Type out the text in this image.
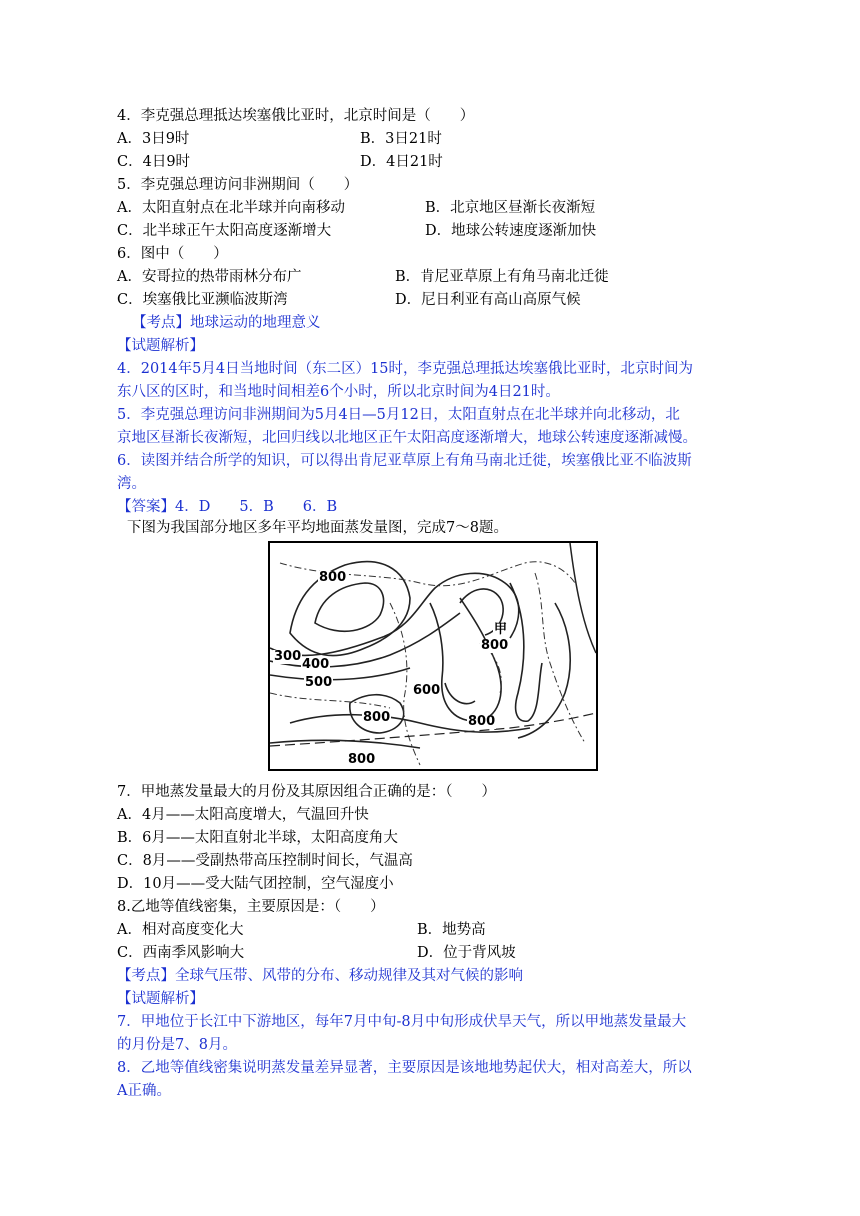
4．李克强总理抵达埃塞俄比亚时，北京时间是（　　）
A．3日9时	B．3日21时
C．4日9时	D．4日21时
5．李克强总理访问非洲期间（　　）
A．太阳直射点在北半球并向南移动	B．北京地区昼渐长夜渐短
C．北半球正午太阳高度逐渐增大	D．地球公转速度逐渐加快
6．图中（　　）
A．安哥拉的热带雨林分布广	B．肯尼亚草原上有角马南北迁徙
C．埃塞俄比亚濒临波斯湾	D．尼日利亚有高山高原气候
【考点】地球运动的地理意义
【试题解析】
4．2014年5月4日当地时间（东二区）15时，李克强总理抵达埃塞俄比亚时，北京时间为
东八区的区时，和当地时间相差6个小时，所以北京时间为4日21时。
5．李克强总理访问非洲期间为5月4日—5月12日，太阳直射点在北半球并向北移动，北
京地区昼渐长夜渐短，北回归线以北地区正午太阳高度逐渐增大，地球公转速度逐渐减慢。
6．读图并结合所学的知识，可以得出肯尼亚草原上有角马南北迁徙，埃塞俄比亚不临波斯
湾。
【答案】4．D　　5．B　　6．B
下图为我国部分地区多年平均地面蒸发量图，完成7～8题。
800
300
400
500
甲
800
600
800	800
800
7．甲地蒸发量最大的月份及其原因组合正确的是：（　　）
A．4月——太阳高度增大，气温回升快
B．6月——太阳直射北半球，太阳高度角大
C．8月——受副热带高压控制时间长，气温高
D．10月——受大陆气团控制，空气湿度小
8.乙地等值线密集，主要原因是：（　　）
A．相对高度变化大	B．地势高
C．西南季风影响大	D．位于背风坡
【考点】全球气压带、风带的分布、移动规律及其对气候的影响
【试题解析】
7．甲地位于长江中下游地区，每年7月中旬-8月中旬形成伏旱天气，所以甲地蒸发量最大
的月份是7、8月。
8．乙地等值线密集说明蒸发量差异显著，主要原因是该地地势起伏大，相对高差大，所以
A正确。
